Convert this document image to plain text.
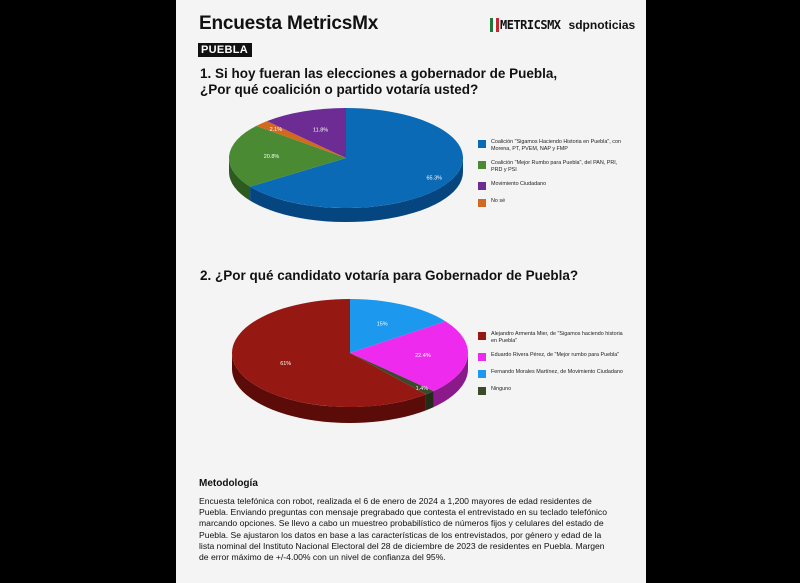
Encuesta MetricsMx	METRICSMX sdpnoticias
PUEBLA
1. Si hoy fueran las elecciones a gobernador de Puebla,
¿Por qué coalición o partido votaría usted?
2. ¿Por qué candidato votaría para Gobernador de Puebla?
65.3%
20.8%
2.1%	11.8%
15%
22.4%
1.4%
61%
Coalición "Sigamos Haciendo Historia en Puebla", con Morena, PT, PVEM, NAP y FMP
Coalición "Mejor Rumbo para Puebla", del PAN, PRI, PRD y PSI
Movimiento Ciudadano
No sé
Alejandro Armenta Mier, de "Sigamos haciendo historia en Puebla"
Eduardo Rivera Pérez, de "Mejor rumbo para Puebla"
Fernando Morales Martínez, de Movimiento Ciudadano
Ninguno
Metodología
Encuesta telefónica con robot, realizada el 6 de enero de 2024 a 1,200 mayores de edad residentes de Puebla. Enviando preguntas con mensaje pregrabado que contesta el entrevistado en su teclado telefónico marcando opciones. Se llevo a cabo un muestreo probabilístico de números fijos y celulares del estado de Puebla. Se ajustaron los datos en base a las características de los entrevistados, por género y edad de la lista nominal del Instituto Nacional Electoral del 28 de diciembre de 2023 de residentes en Puebla. Margen de error máximo de +/-4.00% con un nivel de confianza del 95%.
